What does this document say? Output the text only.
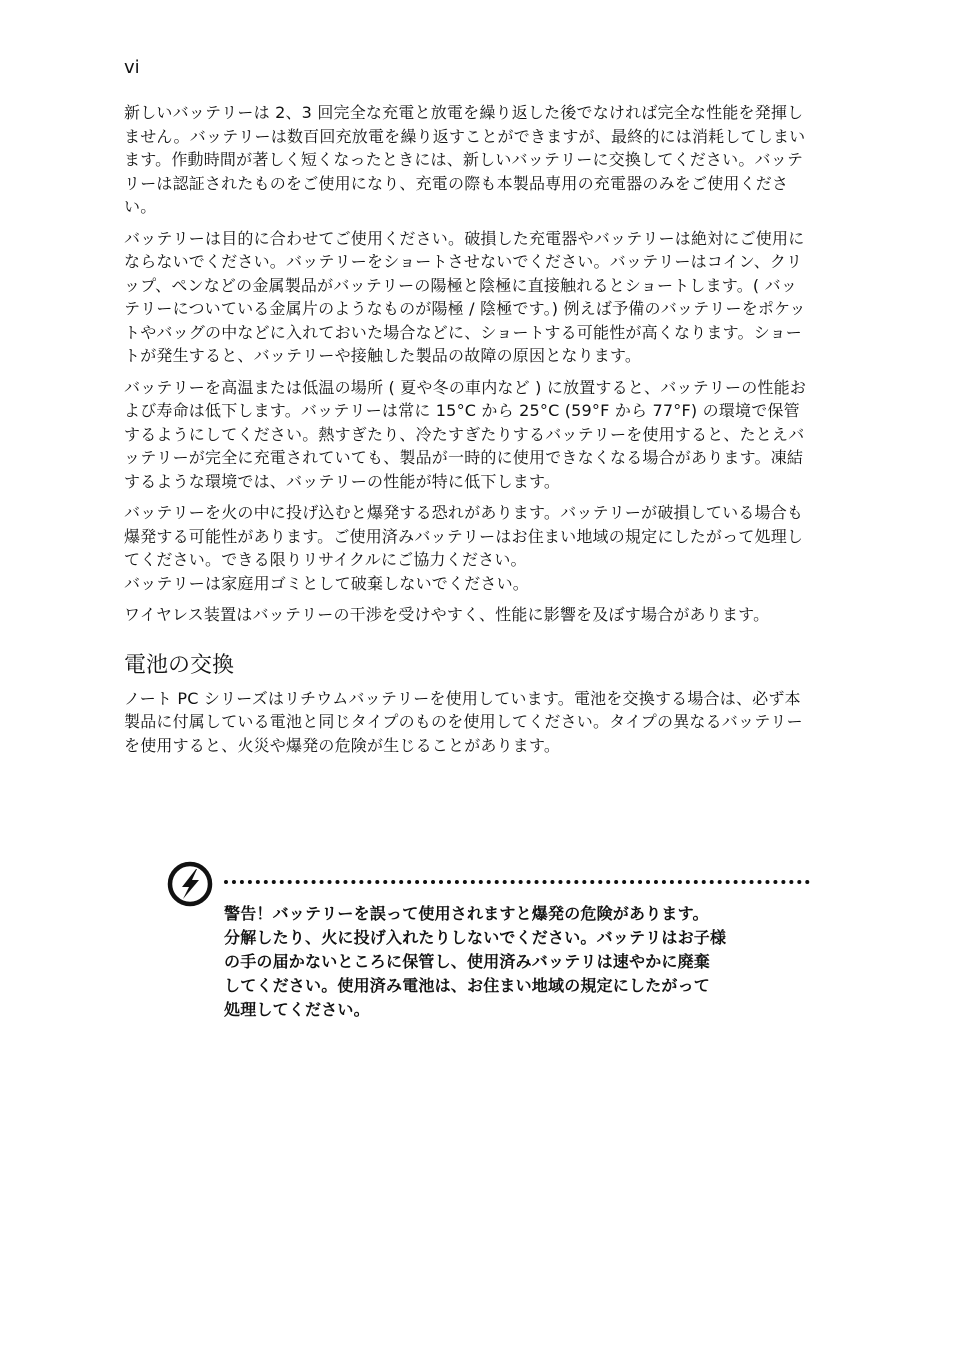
vi

新しいバッテリーは 2、3 回完全な充電と放電を繰り返した後でなければ完全な性能を発揮しません。バッテリーは数百回充放電を繰り返すことができますが、最終的には消耗してしまいます。作動時間が著しく短くなったときには、新しいバッテリーに交換してください。バッテリーは認証されたものをご使用になり、充電の際も本製品専用の充電器のみをご使用ください。

バッテリーは目的に合わせてご使用ください。破損した充電器やバッテリーは絶対にご使用にならないでください。バッテリーをショートさせないでください。バッテリーはコイン、クリップ、ペンなどの金属製品がバッテリーの陽極と陰極に直接触れるとショートします。( バッテリーについている金属片のようなものが陽極 / 陰極です。) 例えば予備のバッテリーをポケットやバッグの中などに入れておいた場合などに、ショートする可能性が高くなります。ショートが発生すると、バッテリーや接触した製品の故障の原因となります。

バッテリーを高温または低温の場所 ( 夏や冬の車内など ) に放置すると、バッテリーの性能および寿命は低下します。バッテリーは常に 15°C から 25°C (59°F から 77°F) の環境で保管するようにしてください。熱すぎたり、冷たすぎたりするバッテリーを使用すると、たとえバッテリーが完全に充電されていても、製品が一時的に使用できなくなる場合があります。凍結するような環境では、バッテリーの性能が特に低下します。

バッテリーを火の中に投げ込むと爆発する恐れがあります。バッテリーが破損している場合も爆発する可能性があります。ご使用済みバッテリーはお住まい地域の規定にしたがって処理してください。できる限りリサイクルにご協力ください。
バッテリーは家庭用ゴミとして破棄しないでください。

ワイヤレス装置はバッテリーの干渉を受けやすく、性能に影響を及ぼす場合があります。

電池の交換

ノート PC シリーズはリチウムバッテリーを使用しています。電池を交換する場合は、必ず本製品に付属している電池と同じタイプのものを使用してください。タイプの異なるバッテリーを使用すると、火災や爆発の危険が生じることがあります。

警告！バッテリーを誤って使用されますと爆発の危険があります。
分解したり、火に投げ入れたりしないでください。バッテリはお子様
の手の届かないところに保管し、使用済みバッテリは速やかに廃棄
してください。使用済み電池は、お住まい地域の規定にしたがって
処理してください。
